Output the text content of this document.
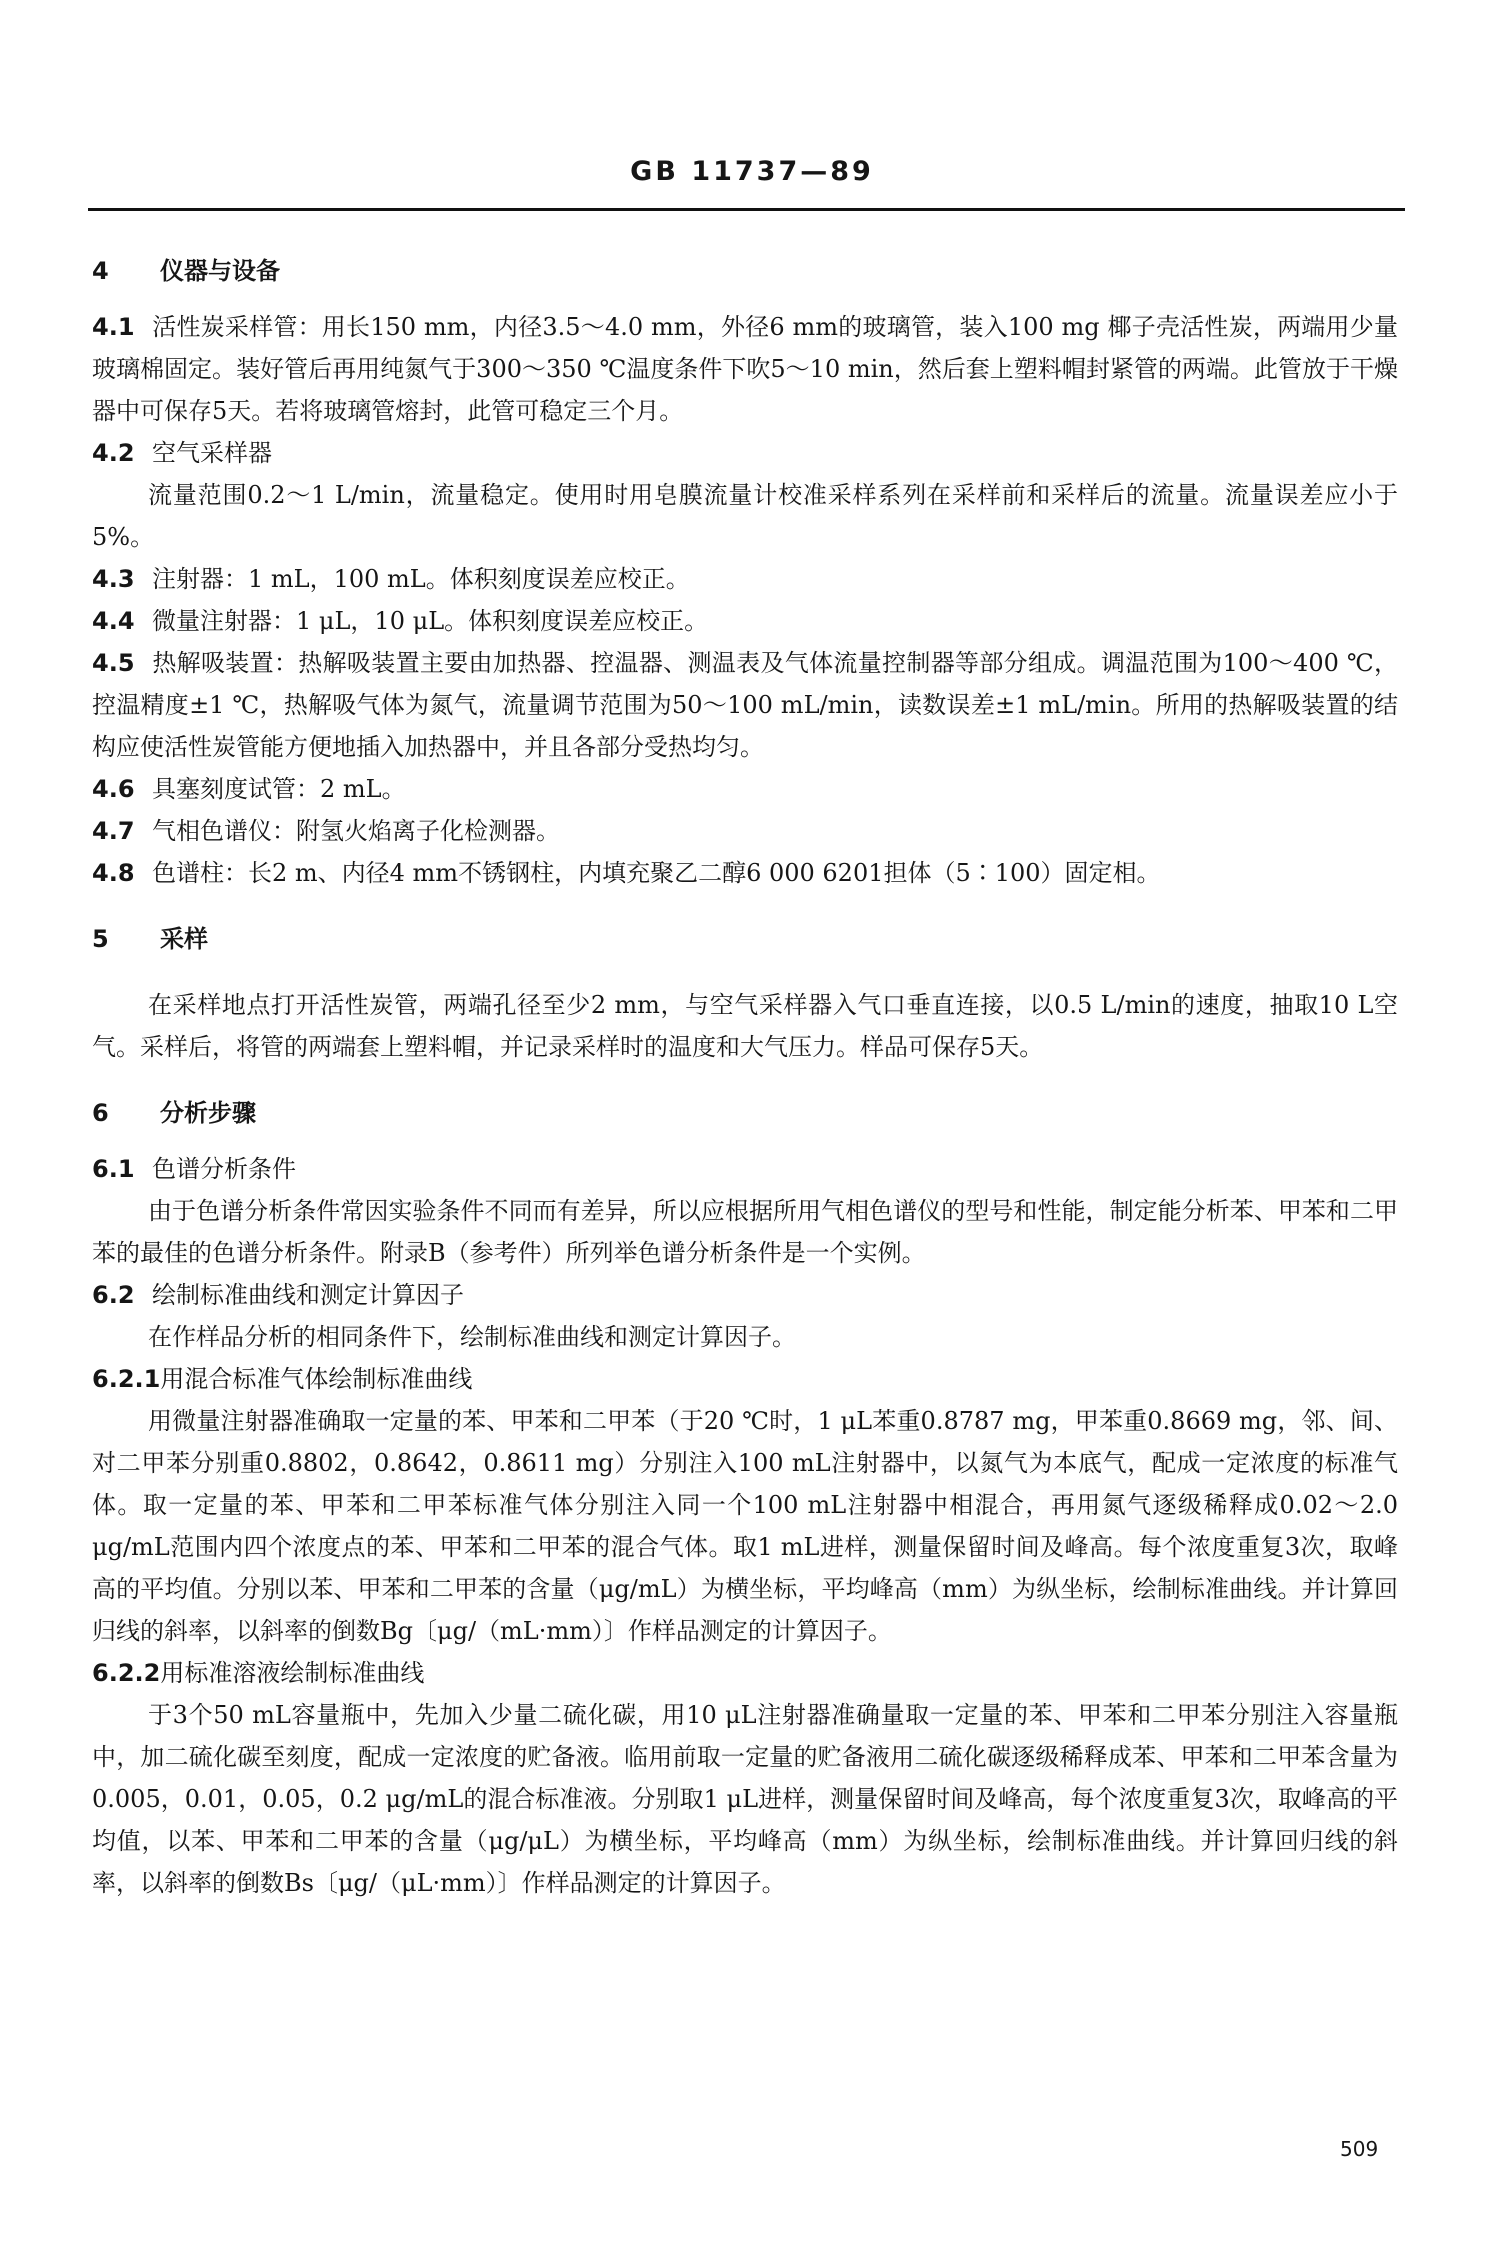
GB 11737—89

4 仪器与设备

4.1 活性炭采样管：用长150 mm，内径3.5～4.0 mm，外径6 mm的玻璃管，装入100 mg 椰子壳活性炭，两端用少量玻璃棉固定。装好管后再用纯氮气于300～350 ℃温度条件下吹5～10 min，然后套上塑料帽封紧管的两端。此管放于干燥器中可保存5天。若将玻璃管熔封，此管可稳定三个月。

4.2 空气采样器

流量范围0.2～1 L/min，流量稳定。使用时用皂膜流量计校准采样系列在采样前和采样后的流量。流量误差应小于5%。

4.3 注射器：1 mL，100 mL。体积刻度误差应校正。

4.4 微量注射器：1 μL，10 μL。体积刻度误差应校正。

4.5 热解吸装置：热解吸装置主要由加热器、控温器、测温表及气体流量控制器等部分组成。调温范围为100～400 ℃，控温精度±1 ℃，热解吸气体为氮气，流量调节范围为50～100 mL/min，读数误差±1 mL/min。所用的热解吸装置的结构应使活性炭管能方便地插入加热器中，并且各部分受热均匀。

4.6 具塞刻度试管：2 mL。

4.7 气相色谱仪：附氢火焰离子化检测器。

4.8 色谱柱：长2 m、内径4 mm不锈钢柱，内填充聚乙二醇6 000 6201担体（5∶100）固定相。

5 采样

在采样地点打开活性炭管，两端孔径至少2 mm，与空气采样器入气口垂直连接，以0.5 L/min的速度，抽取10 L空气。采样后，将管的两端套上塑料帽，并记录采样时的温度和大气压力。样品可保存5天。

6 分析步骤

6.1 色谱分析条件

由于色谱分析条件常因实验条件不同而有差异，所以应根据所用气相色谱仪的型号和性能，制定能分析苯、甲苯和二甲苯的最佳的色谱分析条件。附录B（参考件）所列举色谱分析条件是一个实例。

6.2 绘制标准曲线和测定计算因子

在作样品分析的相同条件下，绘制标准曲线和测定计算因子。

6.2.1用混合标准气体绘制标准曲线

用微量注射器准确取一定量的苯、甲苯和二甲苯（于20 ℃时，1 μL苯重0.8787 mg，甲苯重0.8669 mg，邻、间、对二甲苯分别重0.8802，0.8642，0.8611 mg）分别注入100 mL注射器中，以氮气为本底气，配成一定浓度的标准气体。取一定量的苯、甲苯和二甲苯标准气体分别注入同一个100 mL注射器中相混合，再用氮气逐级稀释成0.02～2.0 μg/mL范围内四个浓度点的苯、甲苯和二甲苯的混合气体。取1 mL进样，测量保留时间及峰高。每个浓度重复3次，取峰高的平均值。分别以苯、甲苯和二甲苯的含量（μg/mL）为横坐标，平均峰高（mm）为纵坐标，绘制标准曲线。并计算回归线的斜率，以斜率的倒数Bg〔μg/（mL·mm）〕作样品测定的计算因子。

6.2.2用标准溶液绘制标准曲线

于3个50 mL容量瓶中，先加入少量二硫化碳，用10 μL注射器准确量取一定量的苯、甲苯和二甲苯分别注入容量瓶中，加二硫化碳至刻度，配成一定浓度的贮备液。临用前取一定量的贮备液用二硫化碳逐级稀释成苯、甲苯和二甲苯含量为0.005，0.01，0.05，0.2 μg/mL的混合标准液。分别取1 μL进样，测量保留时间及峰高，每个浓度重复3次，取峰高的平均值，以苯、甲苯和二甲苯的含量（μg/μL）为横坐标，平均峰高（mm）为纵坐标，绘制标准曲线。并计算回归线的斜率，以斜率的倒数Bs〔μg/（μL·mm）〕作样品测定的计算因子。

509
